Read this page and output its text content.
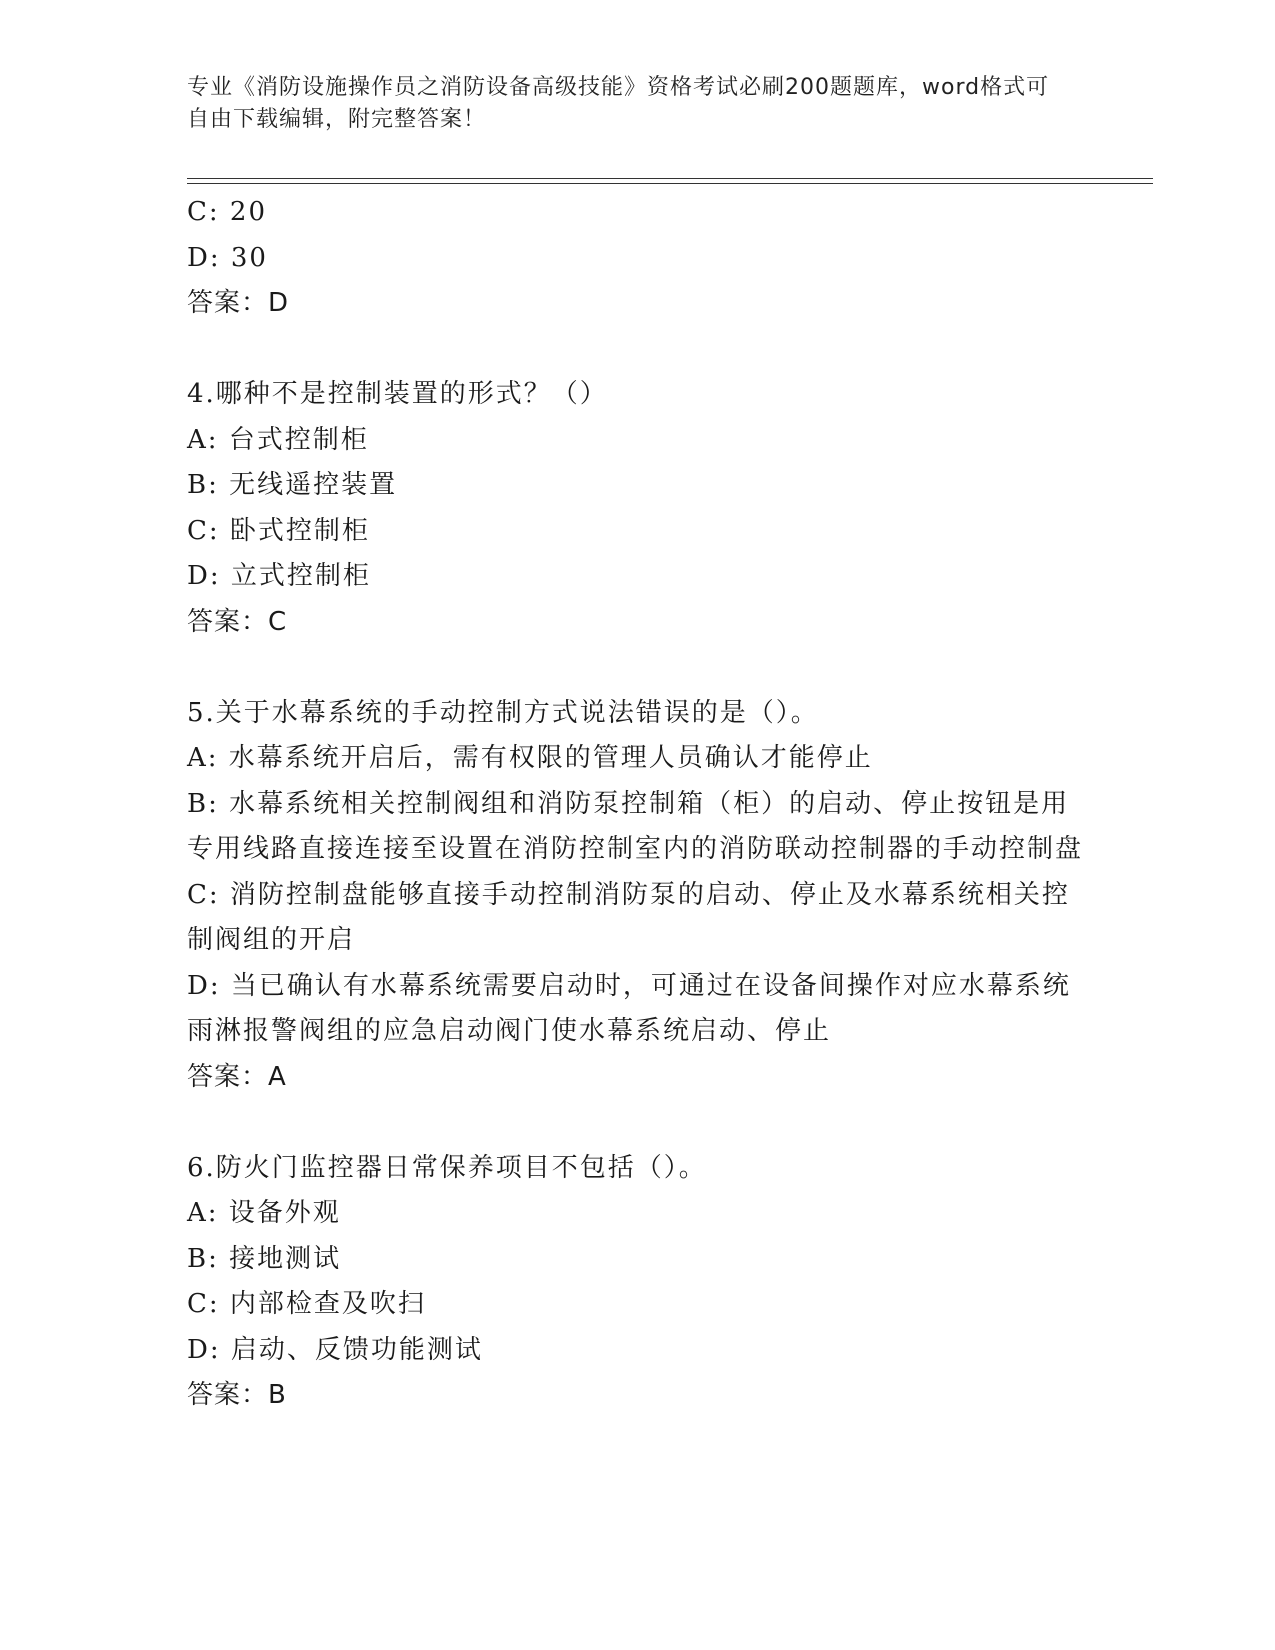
专业《消防设施操作员之消防设备高级技能》资格考试必刷200题题库，word格式可自由下载编辑，附完整答案！
C: 20
D: 30
答案：D
4.哪种不是控制装置的形式？（）
A: 台式控制柜
B: 无线遥控装置
C: 卧式控制柜
D: 立式控制柜
答案：C
5.关于水幕系统的手动控制方式说法错误的是（）。
A: 水幕系统开启后，需有权限的管理人员确认才能停止
B: 水幕系统相关控制阀组和消防泵控制箱（柜）的启动、停止按钮是用专用线路直接连接至设置在消防控制室内的消防联动控制器的手动控制盘
C: 消防控制盘能够直接手动控制消防泵的启动、停止及水幕系统相关控制阀组的开启
D: 当已确认有水幕系统需要启动时，可通过在设备间操作对应水幕系统雨淋报警阀组的应急启动阀门使水幕系统启动、停止
答案：A
6.防火门监控器日常保养项目不包括（）。
A: 设备外观
B: 接地测试
C: 内部检查及吹扫
D: 启动、反馈功能测试
答案：B
